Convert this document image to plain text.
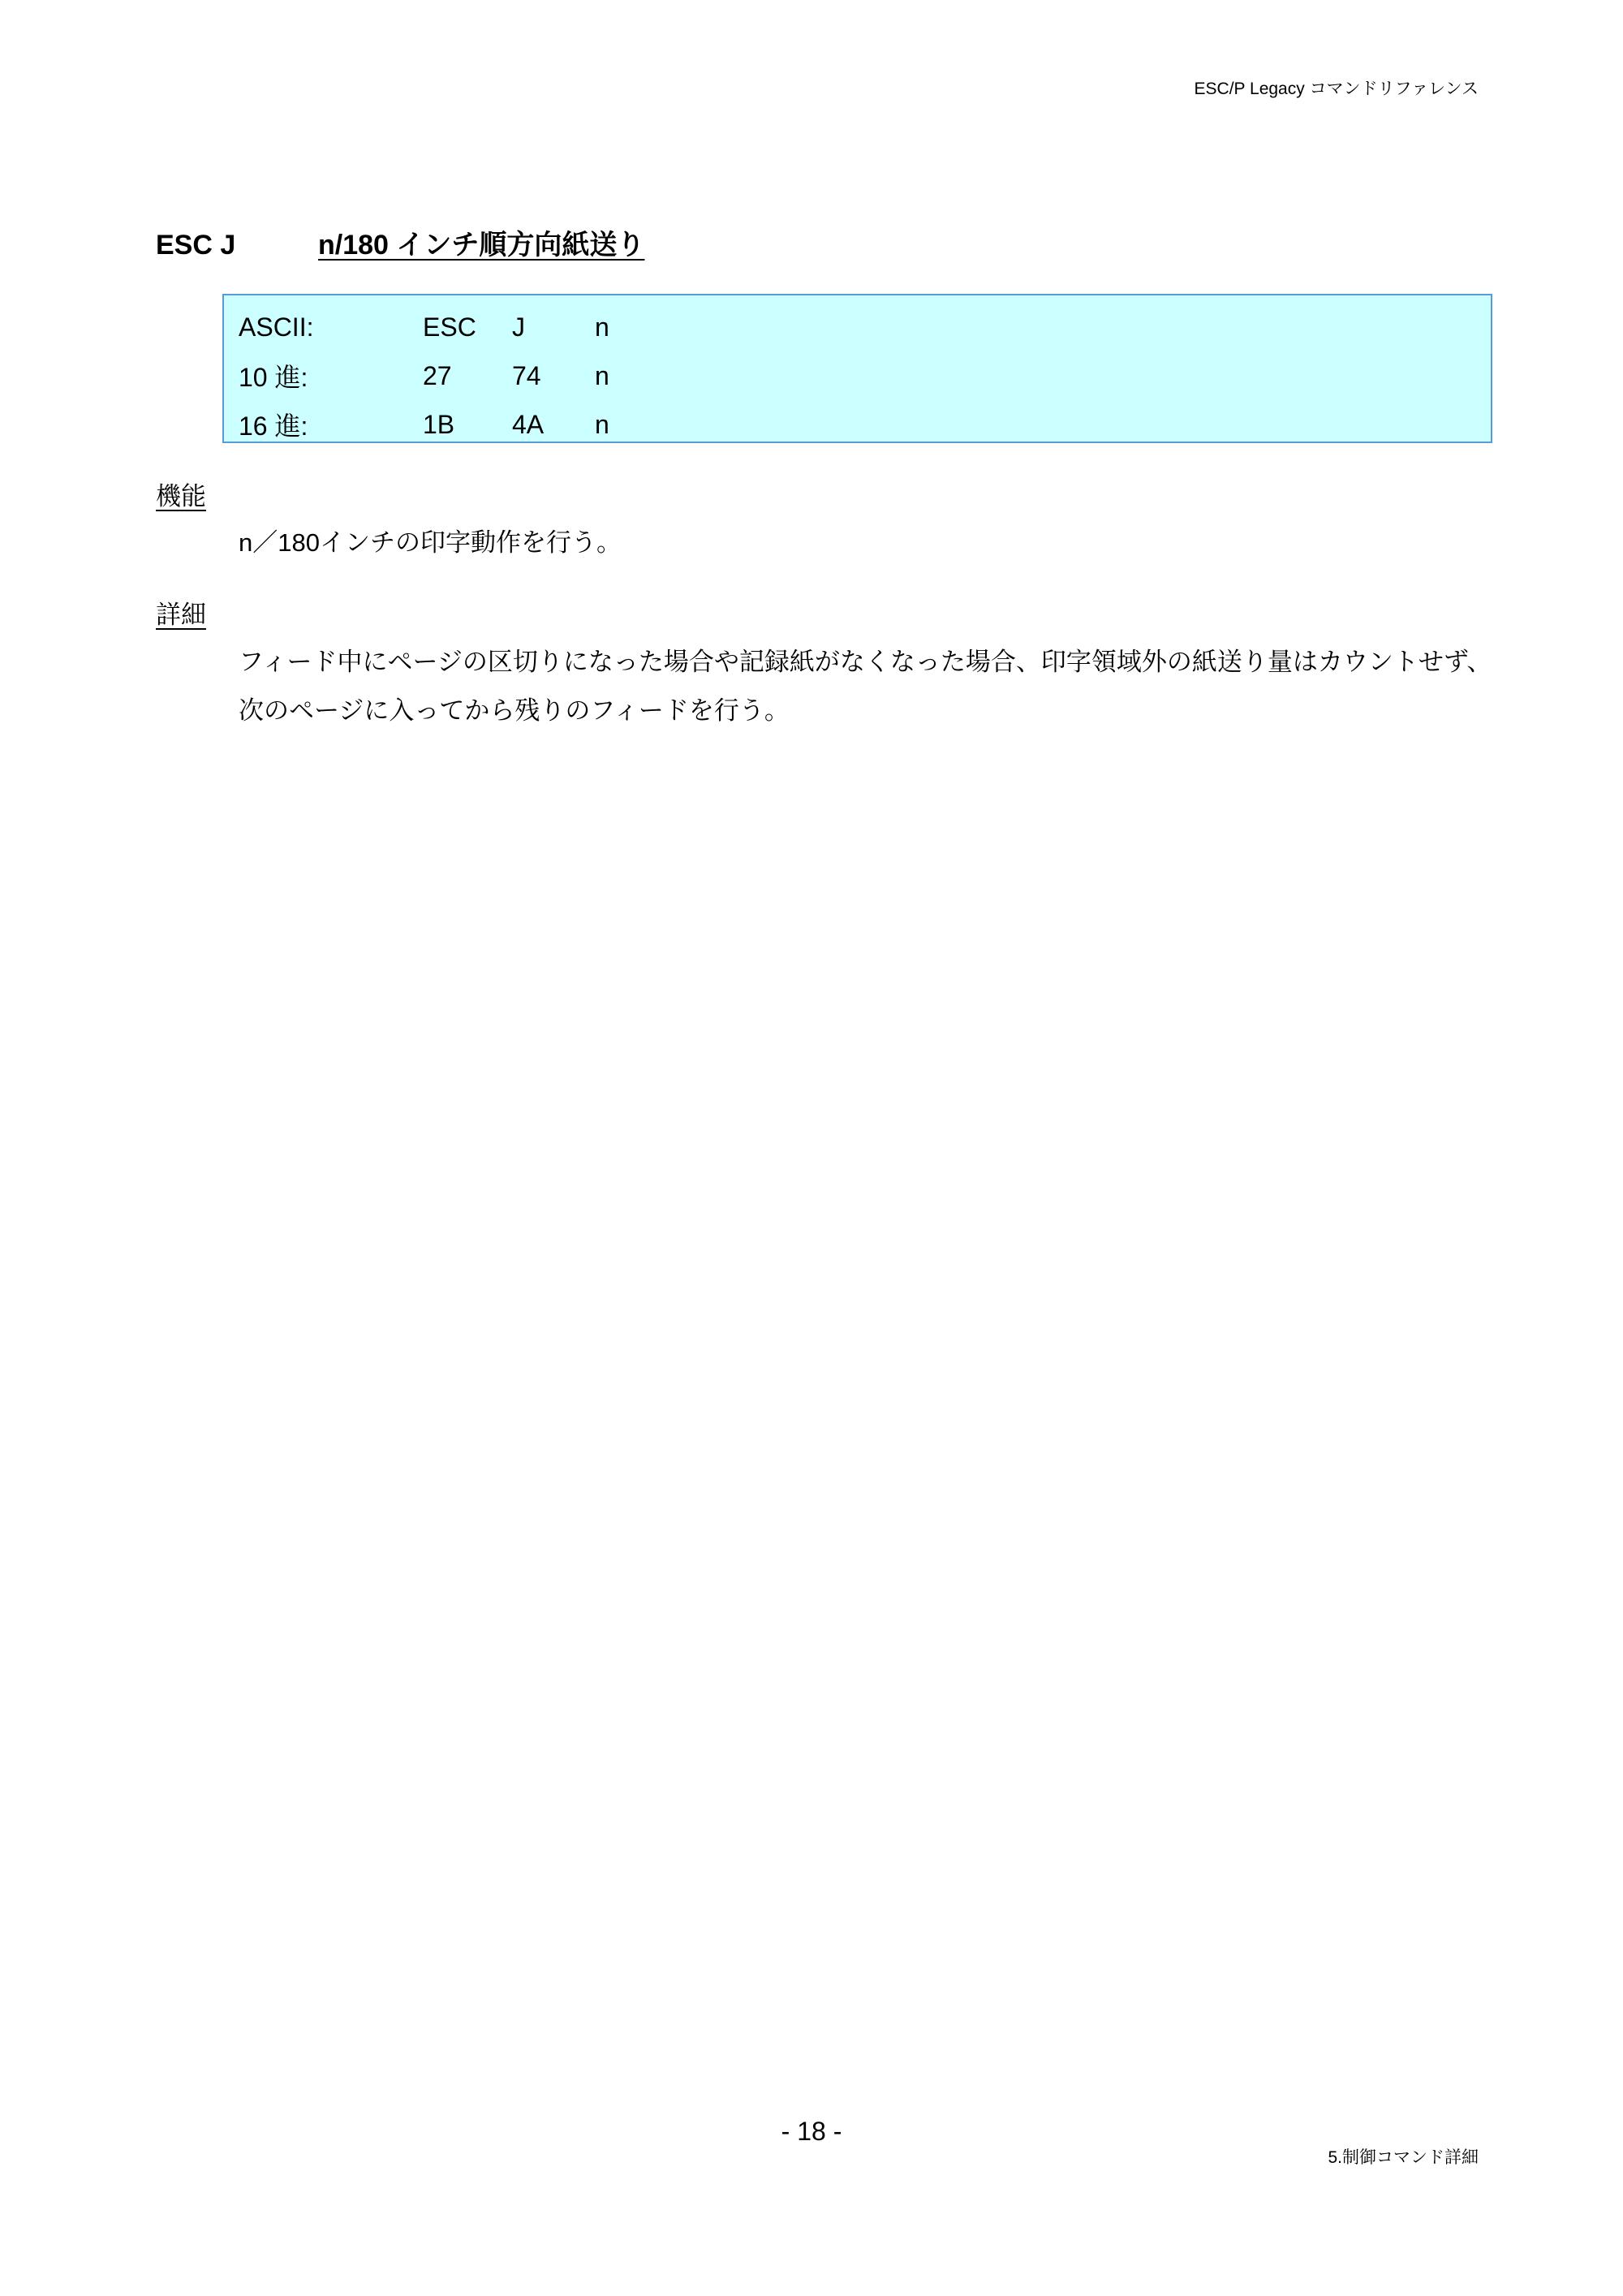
ESC/P Legacy コマンドリファレンス
ESC J	n/180 インチ順方向紙送り
ASCII:	ESC	J	n
10 進:	27	74	n
16 進:	1B	4A	n
機能
n／180インチの印字動作を行う。
詳細
フィード中にページの区切りになった場合や記録紙がなくなった場合、印字領域外の紙送り量はカウントせず、
次のページに入ってから残りのフィードを行う。
- 18 -
5.制御コマンド詳細
